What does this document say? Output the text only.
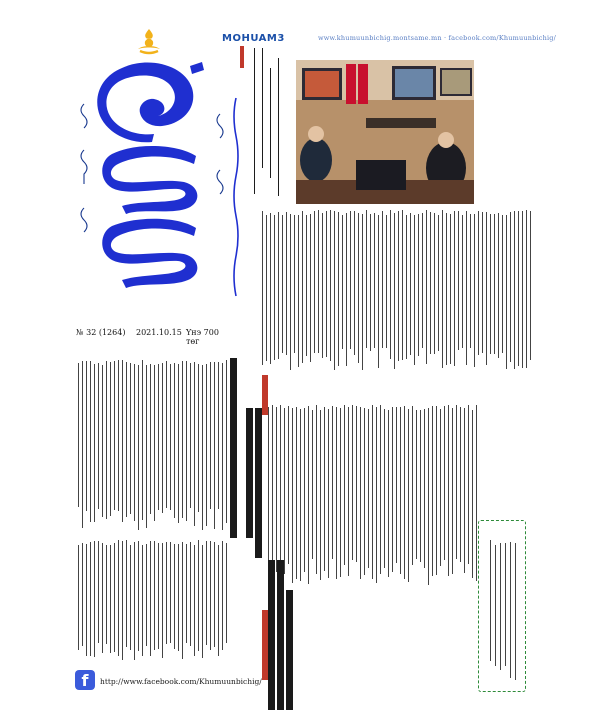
MOHUAM3	www.khumuunbichig.montsame.mn · facebook.com/Khumuunbichig/
№ 32 (1264) 2021.10.15 Үнэ 700 төг
f	http://www.facebook.com/Khumuunbichig/
